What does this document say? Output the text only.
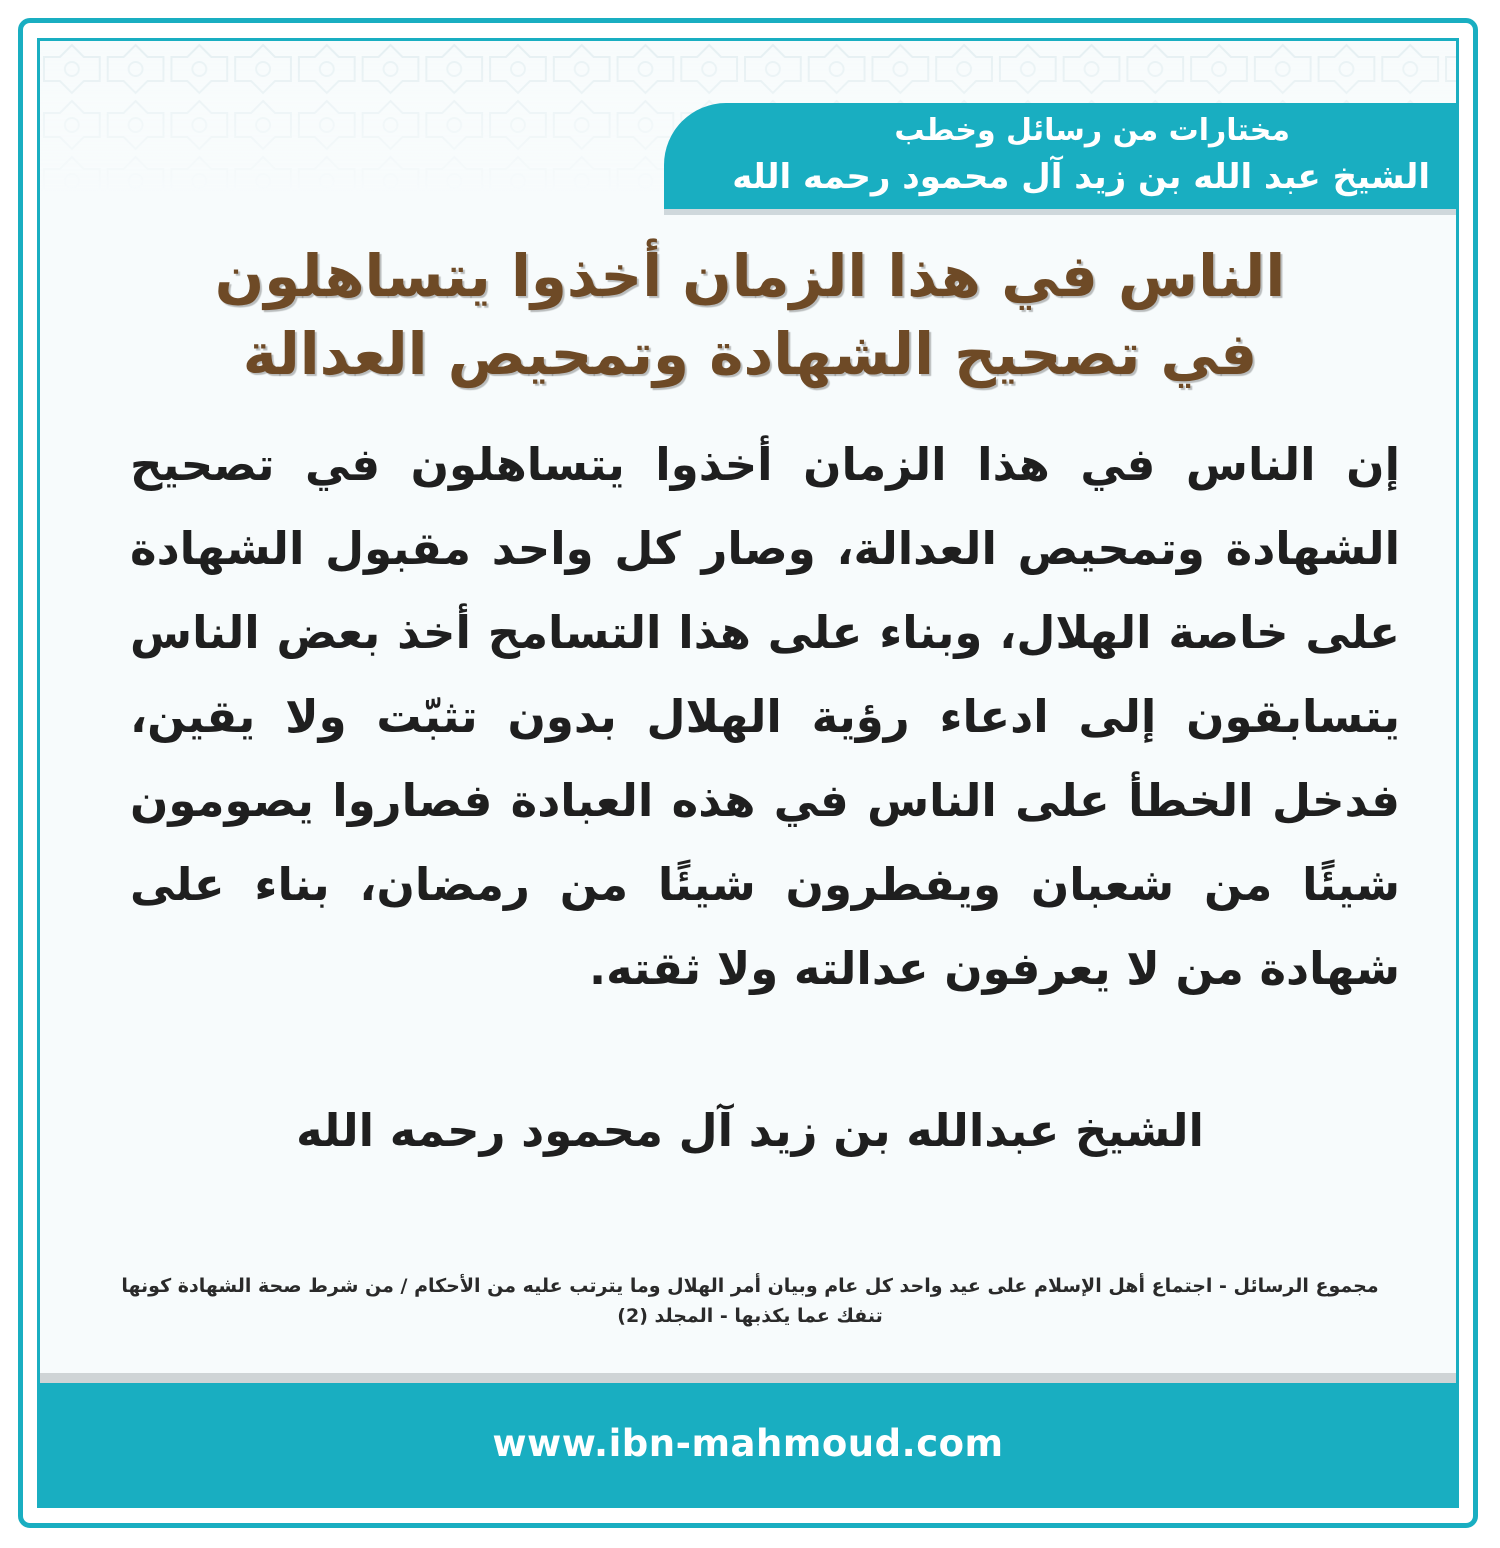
مختارات من رسائل وخطب
الشيخ عبد الله بن زيد آل محمود رحمه الله
الناس في هذا الزمان أخذوا يتساهلون في تصحيح الشهادة وتمحيص العدالة
إن الناس في هذا الزمان أخذوا يتساهلون في تصحيح الشهادة وتمحيص العدالة، وصار كل واحد مقبول الشهادة على خاصة الهلال، وبناء على هذا التسامح أخذ بعض الناس يتسابقون إلى ادعاء رؤية الهلال بدون تثبّت ولا يقين، فدخل الخطأ على الناس في هذه العبادة فصاروا يصومون شيئًا من شعبان ويفطرون شيئًا من رمضان، بناء على شهادة من لا يعرفون عدالته ولا ثقته.
الشيخ عبدالله بن زيد آل محمود رحمه الله
مجموع الرسائل - اجتماع أهل الإسلام على عيد واحد كل عام وبيان أمر الهلال وما يترتب عليه من الأحكام / من شرط صحة الشهادة كونها تنفك عما يكذبها - المجلد (2)
www.ibn-mahmoud.com
